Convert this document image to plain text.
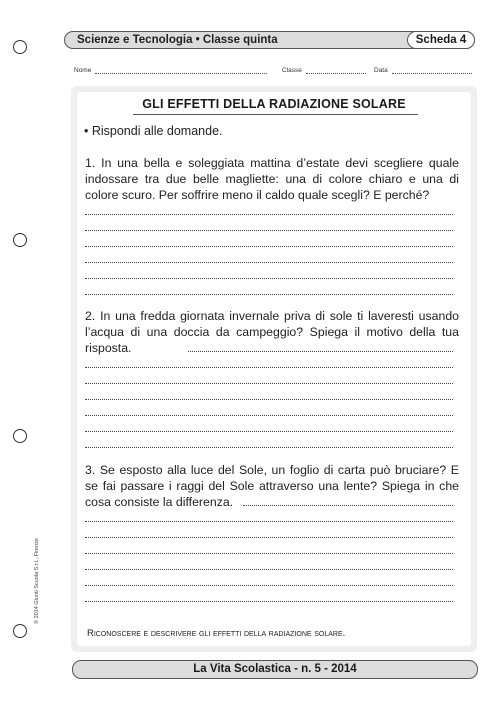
Scienze e Tecnologia • Classe quinta	Scheda 4
Nome	Classe	Data
GLI EFFETTI DELLA RADIAZIONE SOLARE
• Rispondi alle domande.
1. In una bella e soleggiata mattina d’estate devi scegliere quale indossare tra due belle magliette: una di colore chiaro e una di colore scuro. Per soffrire meno il caldo quale scegli? E perché?
2. In una fredda giornata invernale priva di sole ti laveresti usando l’acqua di una doccia da campeggio? Spiega il motivo della tua risposta.
3. Se esposto alla luce del Sole, un foglio di carta può bruciare? E se fai passare i raggi del Sole attraverso una lente? Spiega in che cosa consiste la differenza.
Riconoscere e descrivere gli effetti della radiazione solare.
© 2014 Giunti Scuola S.r.l., Firenze
La Vita Scolastica - n. 5 - 2014
